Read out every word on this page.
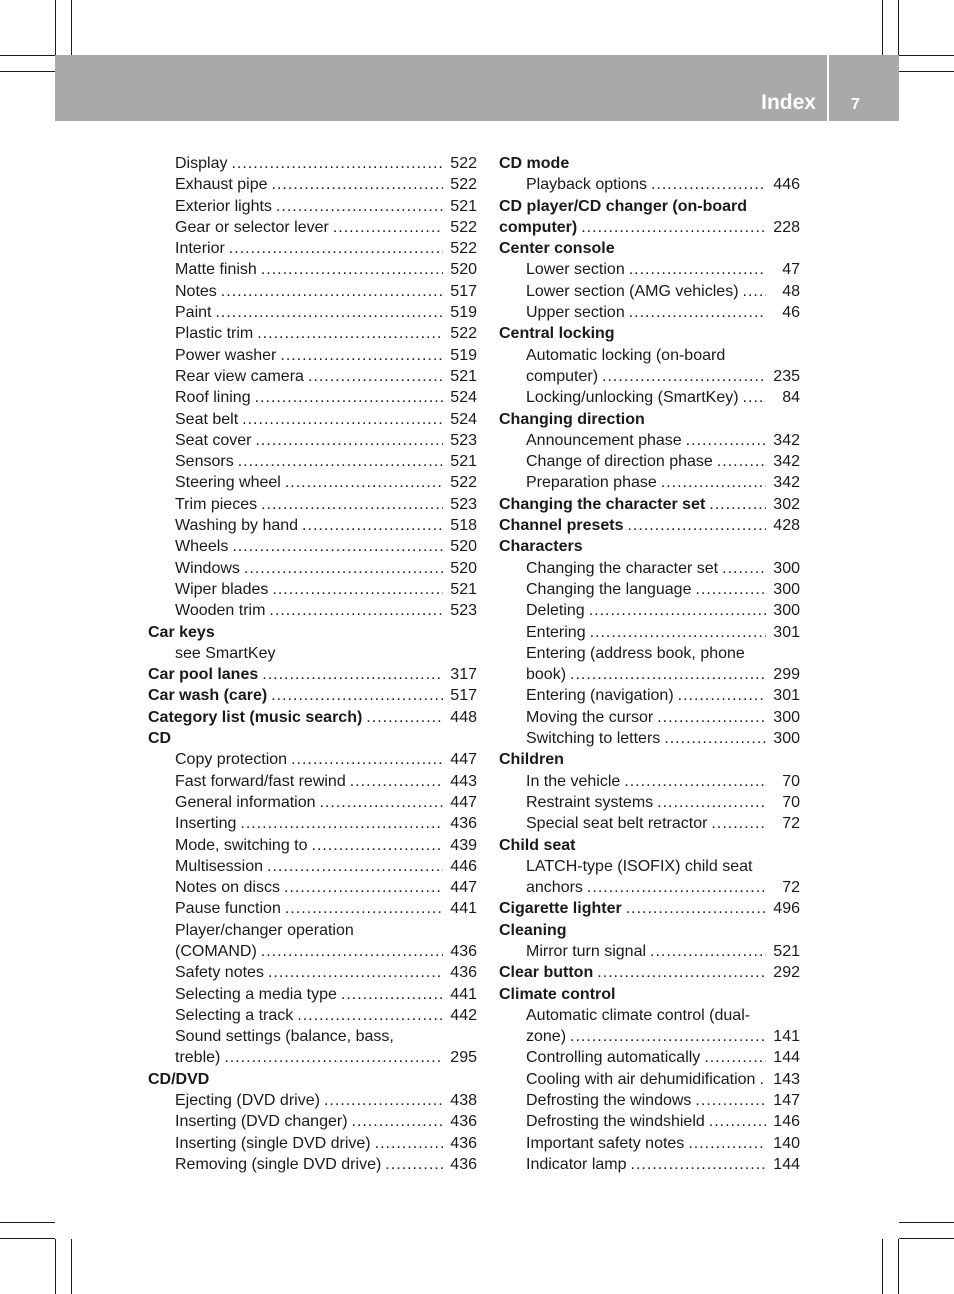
Index 7
Display .....	522
Exhaust pipe .....	522
Exterior lights .....	521
Gear or selector lever .....	522
Interior .....	522
Matte finish .....	520
Notes .....	517
Paint .....	519
Plastic trim .....	522
Power washer .....	519
Rear view camera .....	521
Roof lining .....	524
Seat belt .....	524
Seat cover .....	523
Sensors .....	521
Steering wheel .....	522
Trim pieces .....	523
Washing by hand .....	518
Wheels .....	520
Windows .....	520
Wiper blades .....	521
Wooden trim .....	523
Car keys
see SmartKey
Car pool lanes .....	317
Car wash (care) .....	517
Category list (music search) .....	448
CD
Copy protection .....	447
Fast forward/fast rewind .....	443
General information .....	447
Inserting .....	436
Mode, switching to .....	439
Multisession .....	446
Notes on discs .....	447
Pause function .....	441
Player/changer operation
(COMAND) .....	436
Safety notes .....	436
Selecting a media type .....	441
Selecting a track .....	442
Sound settings (balance, bass,
treble) .....	295
CD/DVD
Ejecting (DVD drive) .....	438
Inserting (DVD changer) .....	436
Inserting (single DVD drive) .....	436
Removing (single DVD drive) .....	436
CD mode
Playback options .....	446
CD player/CD changer (on-board
computer) .....	228
Center console
Lower section .....	47
Lower section (AMG vehicles) .....	48
Upper section .....	46
Central locking
Automatic locking (on-board
computer) .....	235
Locking/unlocking (SmartKey) .....	84
Changing direction
Announcement phase .....	342
Change of direction phase .....	342
Preparation phase .....	342
Changing the character set .....	302
Channel presets .....	428
Characters
Changing the character set .....	300
Changing the language .....	300
Deleting .....	300
Entering .....	301
Entering (address book, phone
book) .....	299
Entering (navigation) .....	301
Moving the cursor .....	300
Switching to letters .....	300
Children
In the vehicle .....	70
Restraint systems .....	70
Special seat belt retractor .....	72
Child seat
LATCH-type (ISOFIX) child seat
anchors .....	72
Cigarette lighter .....	496
Cleaning
Mirror turn signal .....	521
Clear button .....	292
Climate control
Automatic climate control (dual-
zone) .....	141
Controlling automatically .....	144
Cooling with air dehumidification ..... 143
Defrosting the windows .....	147
Defrosting the windshield .....	146
Important safety notes .....	140
Indicator lamp .....	144
